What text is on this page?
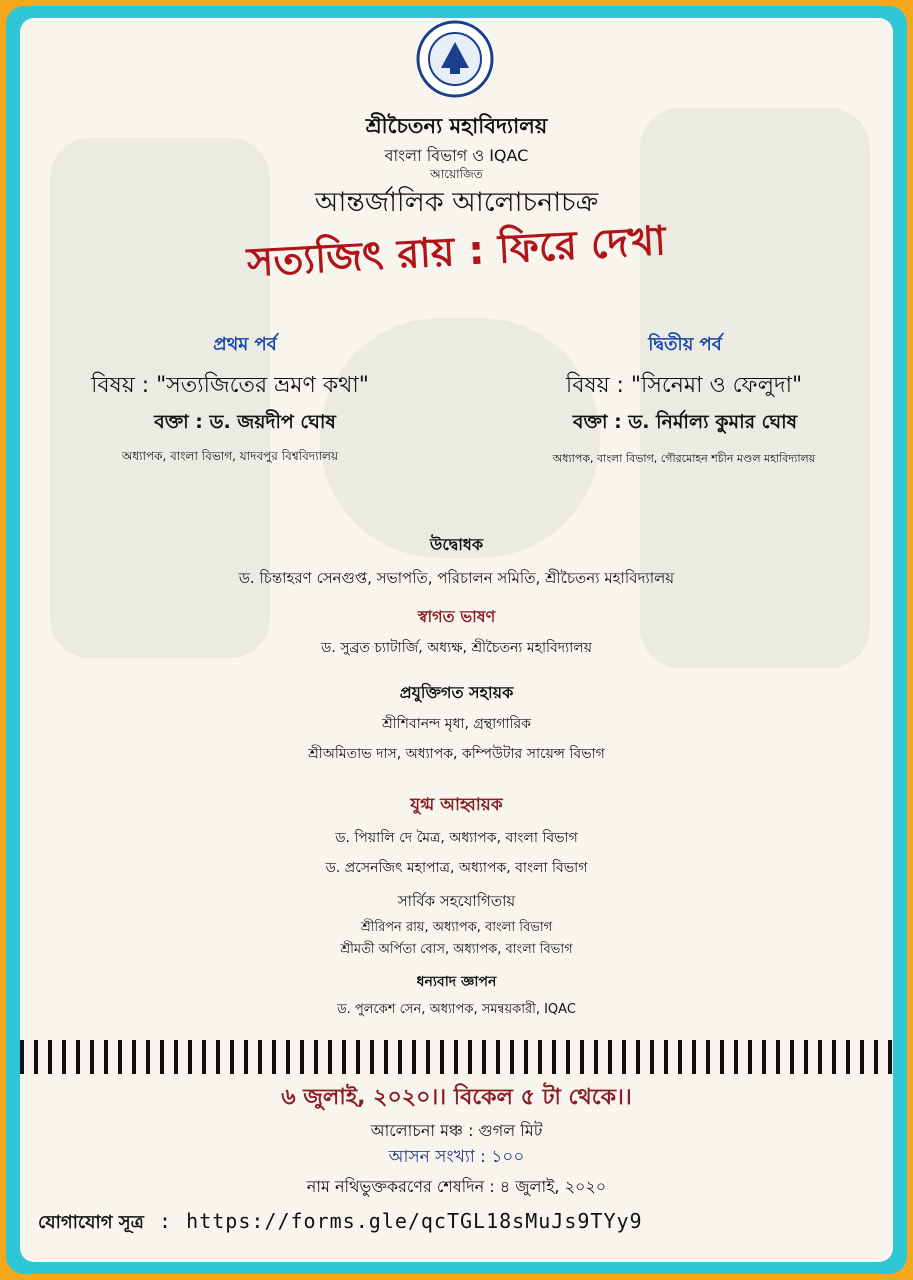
শ্রীচৈতন্য মহাবিদ্যালয়
বাংলা বিভাগ ও IQAC
আয়োজিত
আন্তর্জালিক আলোচনাচক্র
সত্যজিৎ রায় : ফিরে দেখা
প্রথম পর্ব
বিষয় : "সত্যজিতের ভ্রমণ কথা"
বক্তা : ড. জয়দীপ ঘোষ
অধ্যাপক, বাংলা বিভাগ, যাদবপুর বিশ্ববিদ্যালয়
দ্বিতীয় পর্ব
বিষয় : "সিনেমা ও ফেলুদা"
বক্তা : ড. নির্মাল্য কুমার ঘোষ
অধ্যাপক, বাংলা বিভাগ, গৌরমোহন শচীন মণ্ডল মহাবিদ্যালয়
উদ্বোধক
ড. চিন্তাহরণ সেনগুপ্ত, সভাপতি, পরিচালন সমিতি, শ্রীচৈতন্য মহাবিদ্যালয়
স্বাগত ভাষণ
ড. সুব্রত চ্যাটার্জি, অধ্যক্ষ, শ্রীচৈতন্য মহাবিদ্যালয়
প্রযুক্তিগত সহায়ক
শ্রীশিবানন্দ মৃধা, গ্রন্থাগারিক
শ্রীঅমিতাভ দাস, অধ্যাপক, কম্পিউটার সায়েন্স বিভাগ
যুগ্ম আহ্বায়ক
ড. পিয়ালি দে মৈত্র, অধ্যাপক, বাংলা বিভাগ
ড. প্রসেনজিৎ মহাপাত্র, অধ্যাপক, বাংলা বিভাগ
সার্বিক সহযোগিতায়
শ্রীরিপন রায়, অধ্যাপক, বাংলা বিভাগ
শ্রীমতী অর্পিতা বোস, অধ্যাপক, বাংলা বিভাগ
ধন্যবাদ জ্ঞাপন
ড. পুলকেশ সেন, অধ্যাপক, সমন্বয়কারী, IQAC
৬ জুলাই, ২০২০।। বিকেল ৫ টা থেকে।।
আলোচনা মঞ্চ : গুগল মিট
আসন সংখ্যা : ১০০
নাম নথিভুক্তকরণের শেষদিন : ৪ জুলাই, ২০২০
যোগাযোগ সূত্র : https://forms.gle/qcTGL18sMuJs9TYy9
